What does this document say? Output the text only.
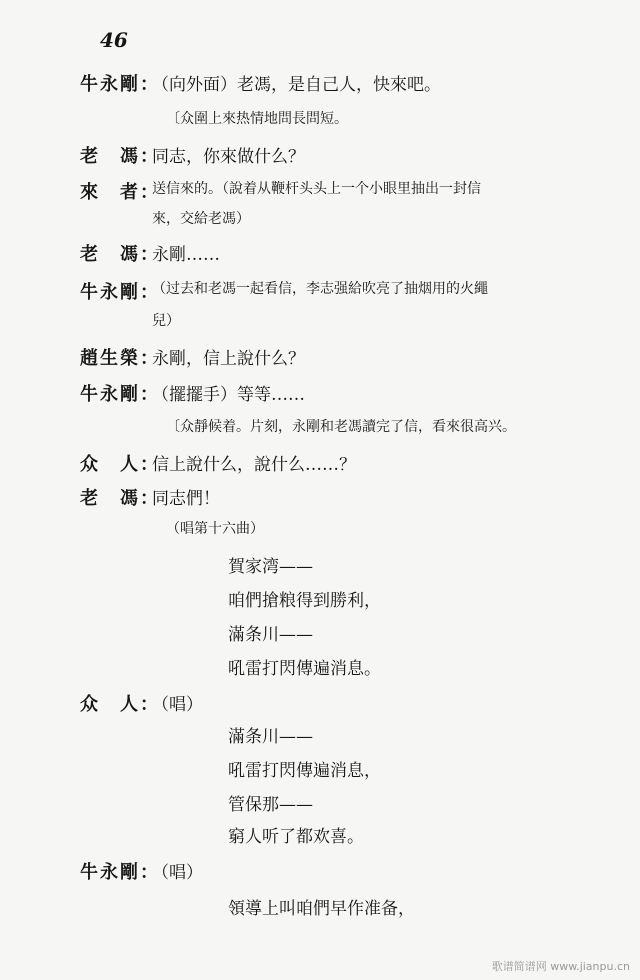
46
牛永剛：
（向外面）老馮，是自己人，快來吧。
〔众圍上來热情地問長問短。
老　馮：
同志，你來做什么？
來　者：
送信來的。（說着从鞭杆头头上一个小眼里抽出一封信
來，交給老馮）
老　馮：
永剛……
牛永剛：
（过去和老馮一起看信，李志强給吹亮了抽烟用的火繩
兒）
趙生榮：
永剛，信上說什么？
牛永剛：
（擺擺手）等等……
〔众靜候着。片刻，永剛和老馮讀完了信，看來很高兴。
众　人：
信上說什么，說什么……？
老　馮：
同志們！
（唱第十六曲）
賀家湾——
咱們搶粮得到勝利，
滿条川——
吼雷打閃傳遍消息。
众　人：
（唱）
滿条川——
吼雷打閃傳遍消息，
管保那——
窮人听了都欢喜。
牛永剛：
（唱）
領導上叫咱們早作准备，
歌谱简谱网 www.jianpu.cn
